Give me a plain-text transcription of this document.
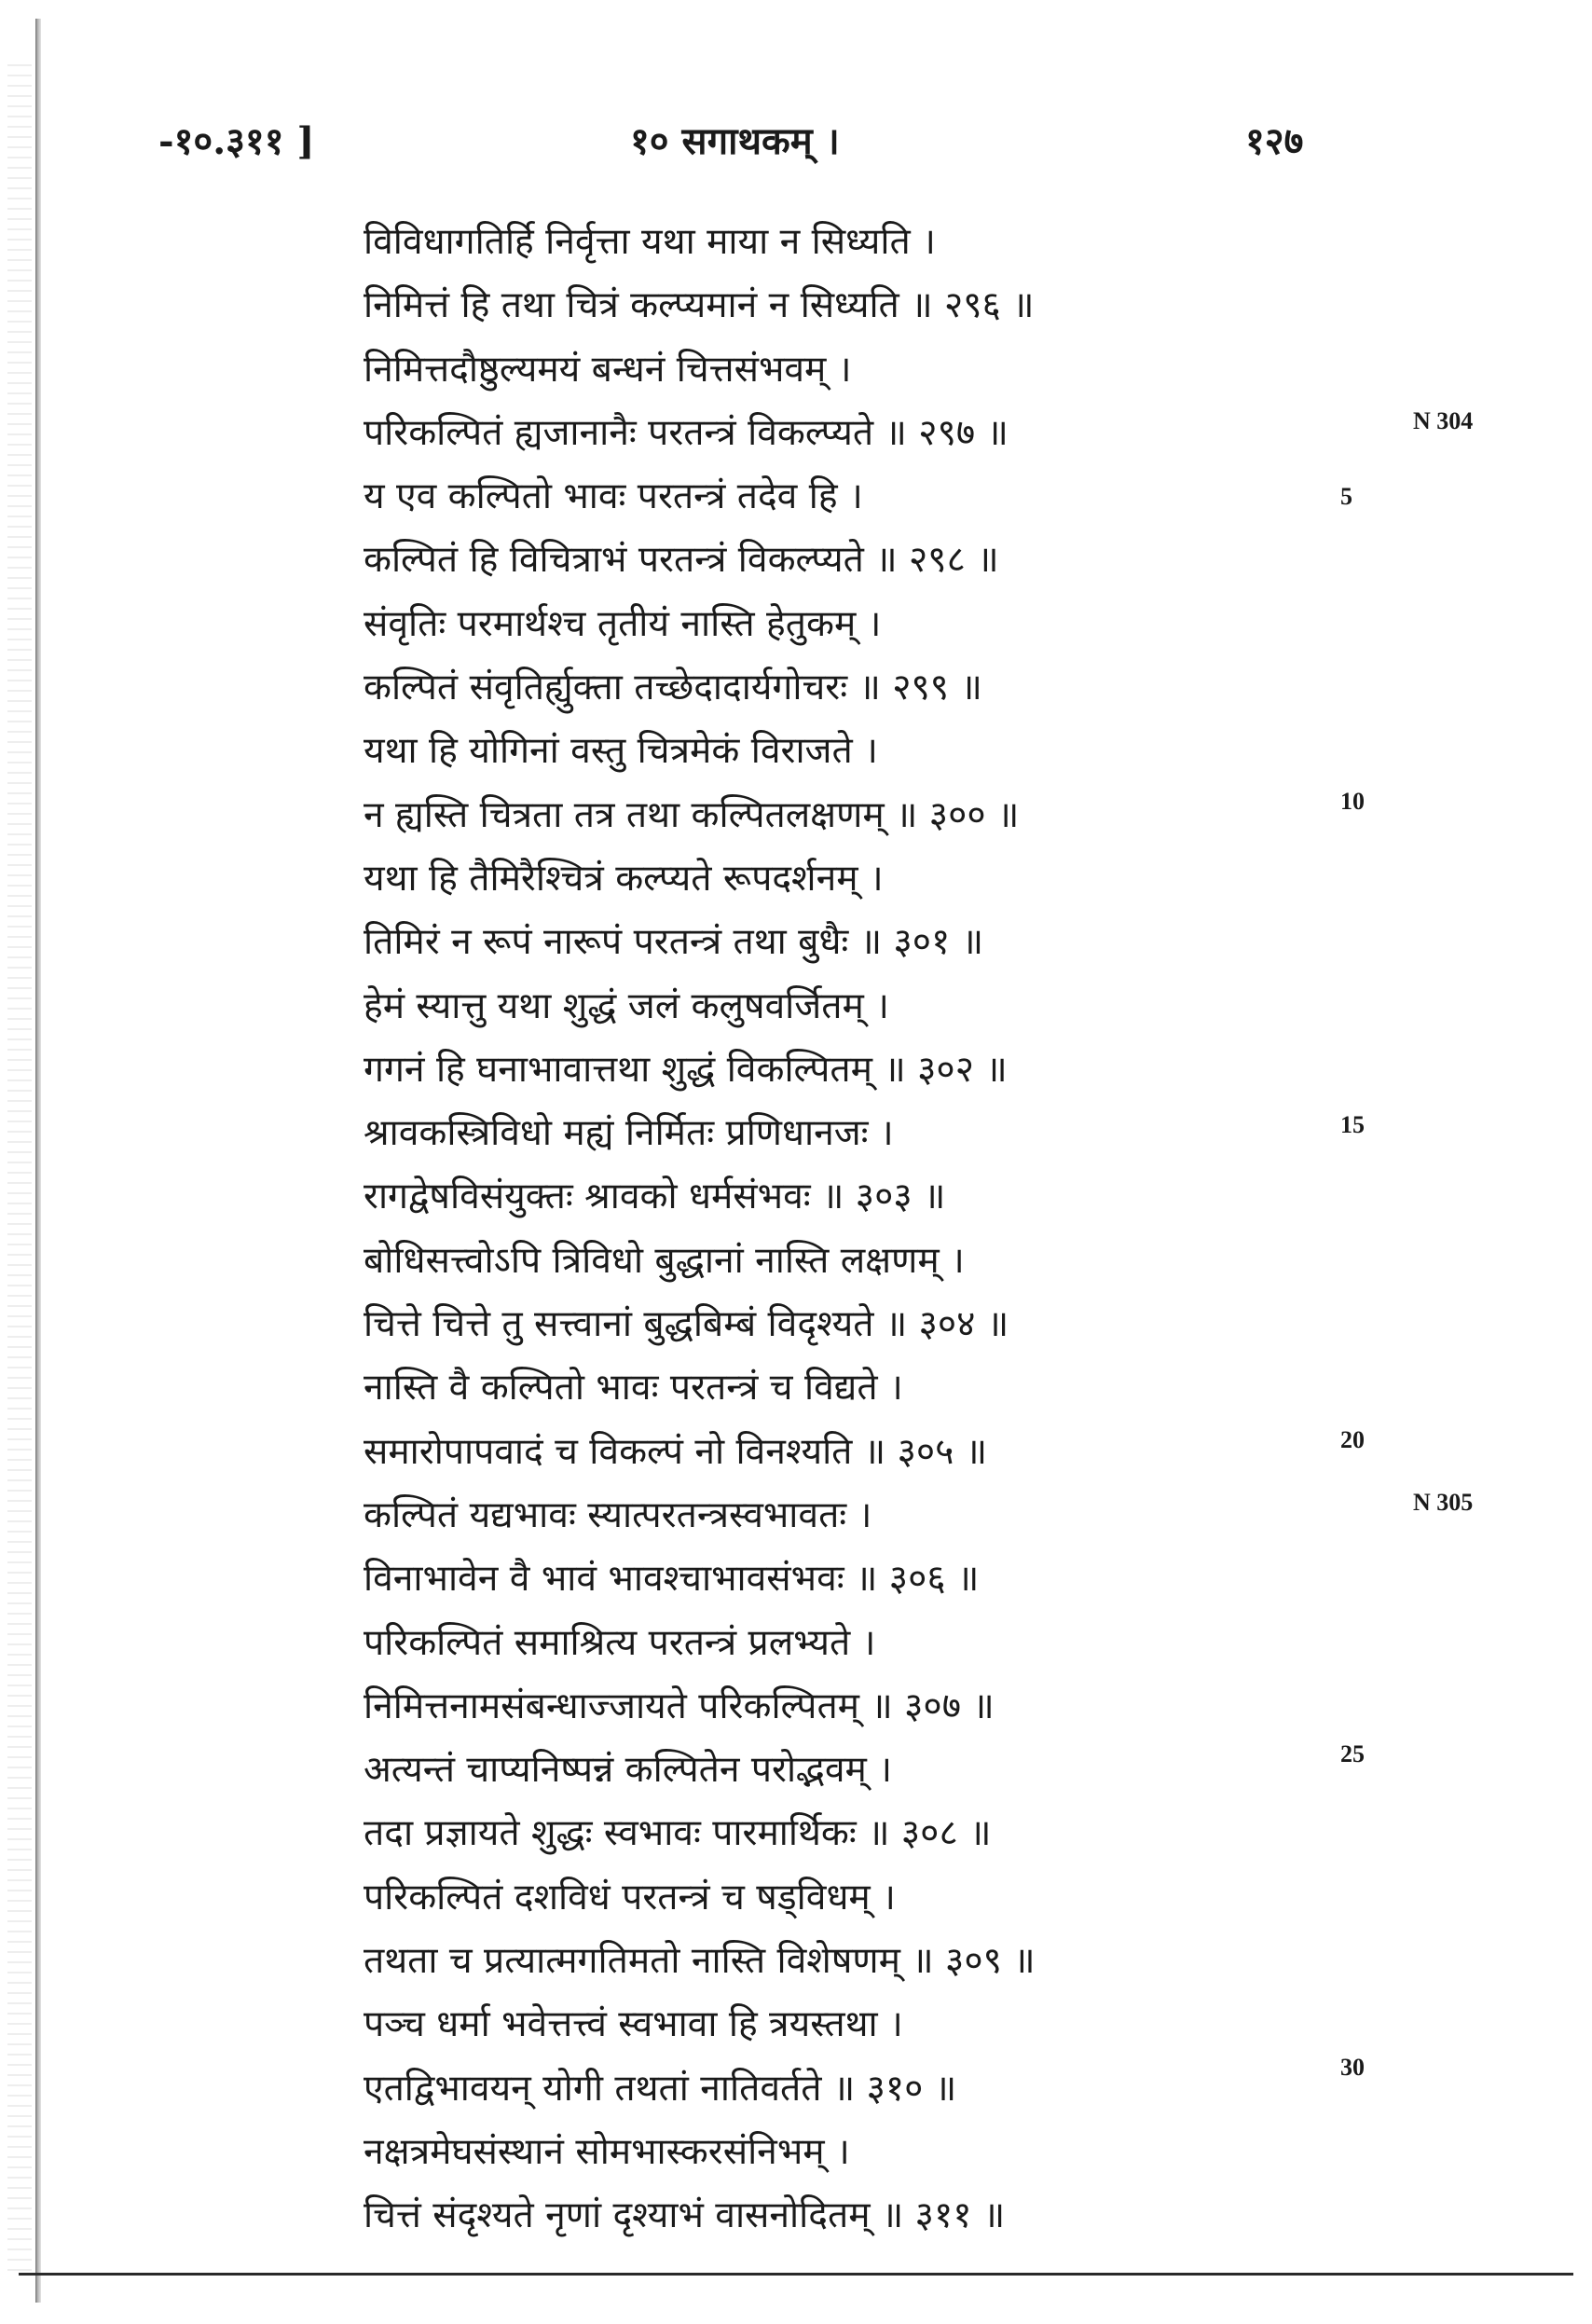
-१०.३११ ]	१० सगाथकम् ।	१२७
विविधागतिर्हि निर्वृत्ता यथा माया न सिध्यति ।
निमित्तं हि तथा चित्रं कल्प्यमानं न सिध्यति ॥ २९६ ॥
निमित्तदौष्ठुल्यमयं बन्धनं चित्तसंभवम् ।
परिकल्पितं ह्यजानानैः परतन्त्रं विकल्प्यते ॥ २९७ ॥
य एव कल्पितो भावः परतन्त्रं तदेव हि ।
कल्पितं हि विचित्राभं परतन्त्रं विकल्प्यते ॥ २९८ ॥
संवृतिः परमार्थश्च तृतीयं नास्ति हेतुकम् ।
कल्पितं संवृतिर्ह्युक्ता तच्छेदादार्यगोचरः ॥ २९९ ॥
यथा हि योगिनां वस्तु चित्रमेकं विराजते ।
न ह्यस्ति चित्रता तत्र तथा कल्पितलक्षणम् ॥ ३०० ॥
यथा हि तैमिरैश्चित्रं कल्प्यते रूपदर्शनम् ।
तिमिरं न रूपं नारूपं परतन्त्रं तथा बुधैः ॥ ३०१ ॥
हेमं स्यात्तु यथा शुद्धं जलं कलुषवर्जितम् ।
गगनं हि घनाभावात्तथा शुद्धं विकल्पितम् ॥ ३०२ ॥
श्रावकस्त्रिविधो मह्यं निर्मितः प्रणिधानजः ।
रागद्वेषविसंयुक्तः श्रावको धर्मसंभवः ॥ ३०३ ॥
बोधिसत्त्वोऽपि त्रिविधो बुद्धानां नास्ति लक्षणम् ।
चित्ते चित्ते तु सत्त्वानां बुद्धबिम्बं विदृश्यते ॥ ३०४ ॥
नास्ति वै कल्पितो भावः परतन्त्रं च विद्यते ।
समारोपापवादं च विकल्पं नो विनश्यति ॥ ३०५ ॥
कल्पितं यद्यभावः स्यात्परतन्त्रस्वभावतः ।
विनाभावेन वै भावं भावश्चाभावसंभवः ॥ ३०६ ॥
परिकल्पितं समाश्रित्य परतन्त्रं प्रलभ्यते ।
निमित्तनामसंबन्धाज्जायते परिकल्पितम् ॥ ३०७ ॥
अत्यन्तं चाप्यनिष्पन्नं कल्पितेन परोद्भवम् ।
तदा प्रज्ञायते शुद्धः स्वभावः पारमार्थिकः ॥ ३०८ ॥
परिकल्पितं दशविधं परतन्त्रं च षड्विधम् ।
तथता च प्रत्यात्मगतिमतो नास्ति विशेषणम् ॥ ३०९ ॥
पञ्च धर्मा भवेत्तत्त्वं स्वभावा हि त्रयस्तथा ।
एतद्विभावयन् योगी तथतां नातिवर्तते ॥ ३१० ॥
नक्षत्रमेघसंस्थानं सोमभास्करसंनिभम् ।
चित्तं संदृश्यते नृणां दृश्याभं वासनोदितम् ॥ ३११ ॥
5
10
15
20
25
30
N 304
N 305
